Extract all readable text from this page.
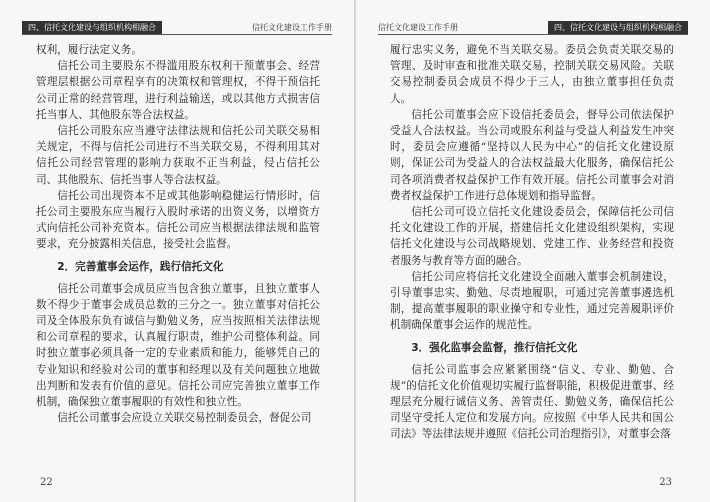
四、信托文化建设与组织机构相融合	信托文化建设工作手册

权利，履行法定义务。

信托公司主要股东不得滥用股东权利干预董事会、经营管理层根据公司章程享有的决策权和管理权，不得干预信托公司正常的经营管理，进行利益输送，或以其他方式损害信托当事人、其他股东等合法权益。

信托公司股东应当遵守法律法规和信托公司关联交易相关规定，不得与信托公司进行不当关联交易，不得利用其对信托公司经营管理的影响力获取不正当利益，侵占信托公司、其他股东、信托当事人等合法权益。

信托公司出现资本不足或其他影响稳健运行情形时，信托公司主要股东应当履行入股时承诺的出资义务，以增资方式向信托公司补充资本。信托公司应当根据法律法规和监管要求，充分披露相关信息，接受社会监督。

2．完善董事会运作，践行信托文化

信托公司董事会成员应当包含独立董事，且独立董事人数不得少于董事会成员总数的三分之一。独立董事对信托公司及全体股东负有诚信与勤勉义务，应当按照相关法律法规和公司章程的要求，认真履行职责，维护公司整体利益。同时独立董事必须具备一定的专业素质和能力，能够凭自己的专业知识和经验对公司的董事和经理以及有关问题独立地做出判断和发表有价值的意见。信托公司应完善独立董事工作机制，确保独立董事履职的有效性和独立性。

信托公司董事会应设立关联交易控制委员会，督促公司

22
信托文化建设工作手册	四、信托文化建设与组织机构相融合

履行忠实义务，避免不当关联交易。委员会负责关联交易的管理、及时审查和批准关联交易，控制关联交易风险。关联交易控制委员会成员不得少于三人，由独立董事担任负责人。

信托公司董事会应下设信托委员会，督导公司依法保护受益人合法权益。当公司或股东利益与受益人利益发生冲突时，委员会应遵循“坚持以人民为中心”的信托文化建设原则，保证公司为受益人的合法权益最大化服务，确保信托公司各项消费者权益保护工作有效开展。信托公司董事会对消费者权益保护工作进行总体规划和指导监督。

信托公司可设立信托文化建设委员会，保障信托公司信托文化建设工作的开展，搭建信托文化建设组织架构，实现信托文化建设与公司战略规划、党建工作、业务经营和投资者服务与教育等方面的融合。

信托公司应将信托文化建设全面融入董事会机制建设，引导董事忠实、勤勉、尽责地履职，可通过完善董事遴选机制，提高董事履职的职业操守和专业性，通过完善履职评价机制确保董事会运作的规范性。

3．强化监事会监督，推行信托文化

信托公司监事会应紧紧围绕“信义、专业、勤勉、合规”的信托文化价值观切实履行监督职能，积极促进董事、经理层充分履行诚信义务、善管责任、勤勉义务，确保信托公司坚守受托人定位和发展方向。应按照《中华人民共和国公司法》等法律法规并遵照《信托公司治理指引》，对董事会落

23
